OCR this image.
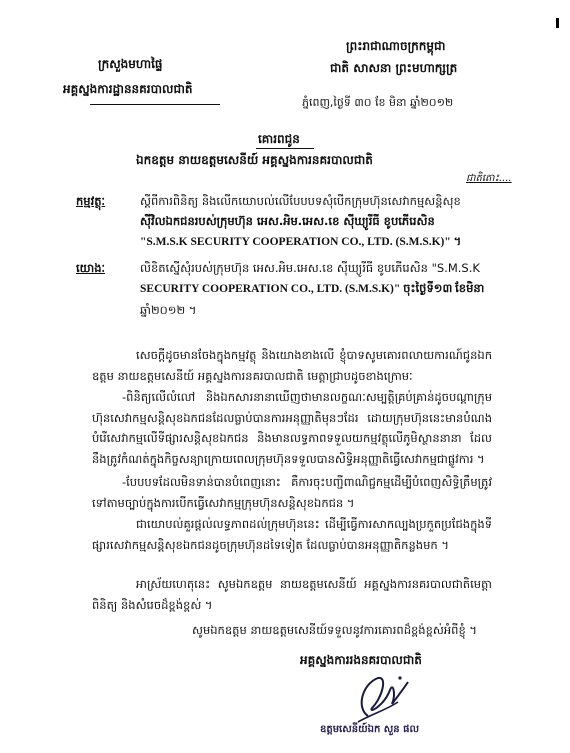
ក្រសួងមហាផ្ទៃ
អគ្គស្នងការដ្ឋាននគរបាលជាតិ
ព្រះរាជាណាចក្រកម្ពុជា
ជាតិ សាសនា ព្រះមហាក្សត្រ
ភ្នំពេញ,ថ្ងៃទី ៣០ ខែ មិនា ឆ្នាំ២០១២
គោរពជូន
ឯកឧត្តម នាយឧត្តមសេនីយ៍ អគ្គស្នងការនគរបាលជាតិ
ជាតិតោះ....
កម្មវត្ថុៈ	ស្តីពីការពិនិត្យ និងលើកយោបល់លើបែបបទសុំបើកក្រុមហ៊ុនសេវាកម្មសន្តិសុខ
ស៊ីវិលឯកជនរបស់ក្រុមហ៊ុន អេស.អិម.អេស.ខេ ស៊ីឃ្យូរីធី ខូបភើរេសិន
"S.M.S.K SECURITY COOPERATION CO., LTD. (S.M.S.K)" ។
យោងៈ	លិខិតស្នើសុំរបស់ក្រុមហ៊ុន អេស.អិម.អេស.ខេ ស៊ីឃ្យូរីធី ខូបភើរេសិន "S.M.S.K
SECURITY COOPERATION CO., LTD. (S.M.S.K)" ចុះថ្ងៃទី១៣ ខែមិនា
ឆ្នាំ២០១២ ។
សេចក្តីដូចមានចែងក្នុងកម្មវត្ថុ និងយោងខាងលើ ខ្ញុំបាទសូមគោរពលាយការណ៍ជូនឯកឧត្តម នាយឧត្តមសេនីយ៍ អគ្គស្នងការនគរបាលជាតិ មេត្តាជ្រាបដូចខាងក្រោមៈ
-ពិនិត្យលើលំលៅ និងឯកសារនានាឃើញថាមានលក្ខណៈសម្បត្តិគ្រប់គ្រាន់ដូចបណ្តាក្រុមហ៊ុនសេវាកម្មសន្តិសុខឯកជនដែលធ្លាប់បានការអនុញ្ញាតិមុនៗដែរ ដោយក្រុមហ៊ុននេះមានបំណងបំរើសេវាកម្មលើទីផ្សារសន្តិសុខឯកជន និងមានលទ្ធភាពទទួលយកម្មវត្ថុលើភូមិស្ថាននានា ដែលនឹងត្រូវកំណត់ក្នុងកិច្ចសន្យាក្រោយពេលក្រុមហ៊ុនទទួលបានសិទ្ធិអនុញ្ញាតិធ្វើសេវាកម្មជាផ្លូវការ ។
-បែបបទដែលមិនទាន់បានបំពេញនោះ គឺការចុះបញ្ជីពាណិជ្ជកម្មដើម្បីបំពេញសិទ្ធិត្រឹមត្រូវទៅតាមច្បាប់ក្នុងការបើកធ្វើសេវាកម្មក្រុមហ៊ុនសន្តិសុខឯកជន ។
ជាយោបល់គួរផ្តល់លទ្ធភាពដល់ក្រុមហ៊ុននេះ ដើម្បីធ្វើការសាកល្បងប្រកួតប្រជែងក្នុងទីផ្សារសេវាកម្មសន្តិសុខឯកជនដូចក្រុមហ៊ុនដទៃទៀត ដែលធ្លាប់បានអនុញ្ញាតិកន្លងមក ។
អាស្រ័យហេតុនេះ សូមឯកឧត្តម នាយឧត្តមសេនីយ៍ អគ្គស្នងការនគរបាលជាតិមេត្តាពិនិត្យ និងសំរេចដ៏ខ្ពង់ខ្ពស់ ។
សូមឯកឧត្តម នាយឧត្តមសេនីយ៍ទទួលនូវការគោរពដ៏ខ្ពង់ខ្ពស់អំពីខ្ញុំ ។
អគ្គស្នងការរងនគរបាលជាតិ
ឧត្តមសេនីយ៍ឯក សួន ផល
